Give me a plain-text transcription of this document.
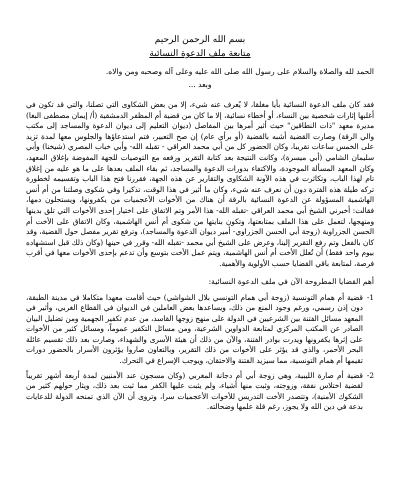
بسم الله الرحمن الرحيم

متابعة ملف الدعوة النسائية

الحمد لله والصلاة والسلام على رسول الله صلى الله عليه وعلى آله وصحبه ومن والاه.

وبعد ...

فقد كان ملف الدعوة النسائية بأيا مغلقا، لا يُعرف عنه شيء، إلا من بعض الشكاوى التي تصلنا، والتي قد تكون في أغلبها إثارات شخصية بين النساء، أو أخطاء نسائية، إلا ما كان من قضية أم المظفر الدمشقية (أ/ إيمان مصطفى البغا) مديرة معهد "ذات النطاقين" حيث أثير أمرها بين المفاصل (ديوان التعليم إلى ديوان الدعوة والمساجد إلى مكتب والي الرقة) وصارت القضية أشبه بالقضية (أو برأي عام) إن صح التعبير، فتم استدعاؤها والجلوس معها لمدة تزيد على الخمس ساعات تقريبا، وكان الحضور كل من أبي محمد العراقي - تقبله الله- وأبي خباب المصري (شيخنا) وأبي سليمان الشامي (أبي ميسرة)، وكانت النتيجة بعد كتابة التقرير ورفعه مع التوصيات للجهة المفوضة بإغلاق المعهد، وكان المعهد المسألة الموجودة، والاكتفاء بدورات الدعوة والمساجد، ثم بقاء الملف بعدها على ما هو عليه من إغلاق تام لهذا الباب، وتكاثرت في هذه الآونة الشكاوى والتقارير عن هذه الجهة، فقررنا فتح هذا الباب وتقسيمه لخطورة تركه طيلة هذه الفترة دون أن نعرف عنه شيء، وكان ما أثير في هذا الوقت، تذكيرا وفي شكوى وصلتنا من أم أنس الهاشمية المسؤولة عن الدعوة النسائية بالرقة أن هناك من الأخوات الأعجميات من يكفرونها، ويستحلون دمها، فقالت: أخبرني الشيخ أبي محمد العراقي -تقبله الله- هذا الأمر وتم الاتفاق على اختيار إحدى الأخوات التي تلق بدينها ومنهجها، لتعمل على هذا الملف بمتابعتها، وتكون بنايتها من شكوى أم أنس الهاشمية، وكان الاتفاق على الأخت أم الحسن الجزراوية (زوجة أبي الحسن الجزراوي- أمير ديوان الدعوة والمساجد)، وترفع تقرير مفصل حول القضية، وقد كان بالفعل وتم رفع التقرير إلينا، وعرض على الشيخ أبي محمد -تقبله الله- وقرر في حينها (وكان ذلك قبل استشهاده بيوم واحد فقط) أن تُعلل الأخت أم أنس الهاشمية، ويتم عمل الأخت بتوسع وأن تدعم بإحدى الأخوات معها في أقرب فرصة، لمتابعة باقي القضايا حسب الأولوية والأهمية.

أهم القضايا المطروحة الآن في ملف الدعوة النسائية:

1-
قضية أم همام التونسية (زوجة أبي همام التونسي بلال الشواشي) حيث أقامت معهدا متكاملا في مدينة الطبقة، دون إذن رسمي، ورغم وجود المنع من ذلك، ويساعدها بعض العاملين في الديوان في القطاع الغربي، وأثير في المعهد مسائل الفتنة بين الشرعيين في الدولة على منهج زوجها القاسد، من عدم تكفير الجهمية ومن تضليل البيان الصادر عن المكتب المركزي لمتابعة الدواوين الشرعية، ومن مسائل التكفير عموماً، ومسائل كثير من الأخوات على إثرها يكفرونها ويدرت بوادر الفتنة، والآن من ذلك أن هيئة الأسرى والشهداء، وصارت بعد ذلك تقسيم عائلة البحر الأحمر، والذي قد يؤثر على الأخوات من ذلك التقرير، وبالتعاون صاروا يؤثرون الأسرار بالحضور دورات تقيمها أم همام التونسية، مما سيزيد الفتنة والاحتقان، ويوجب الإسراع في التحرك.
2-
قضية أم صارة الليبية، وهي زوجة أبي أم دجانة المغربي (وكان مسجون عند الأمنيين لمدة أربعة أشهر تقريباً لقضية اختلاس نفقة، وزوجته، وثبت منها أشياء، ولم يثبت عليها الكفر مما ثبت بعد ذلك، ويثار حولهم كثير من الشكوك الأمنية)، وتتصدر الأخت التدريس للأخوات الأعجميات سرا، وتروى أن الآن الذي تمنحه الدولة للدعايات بدعة في دين الله ولا يجوز، رغم قلة علمها وضحالته.
